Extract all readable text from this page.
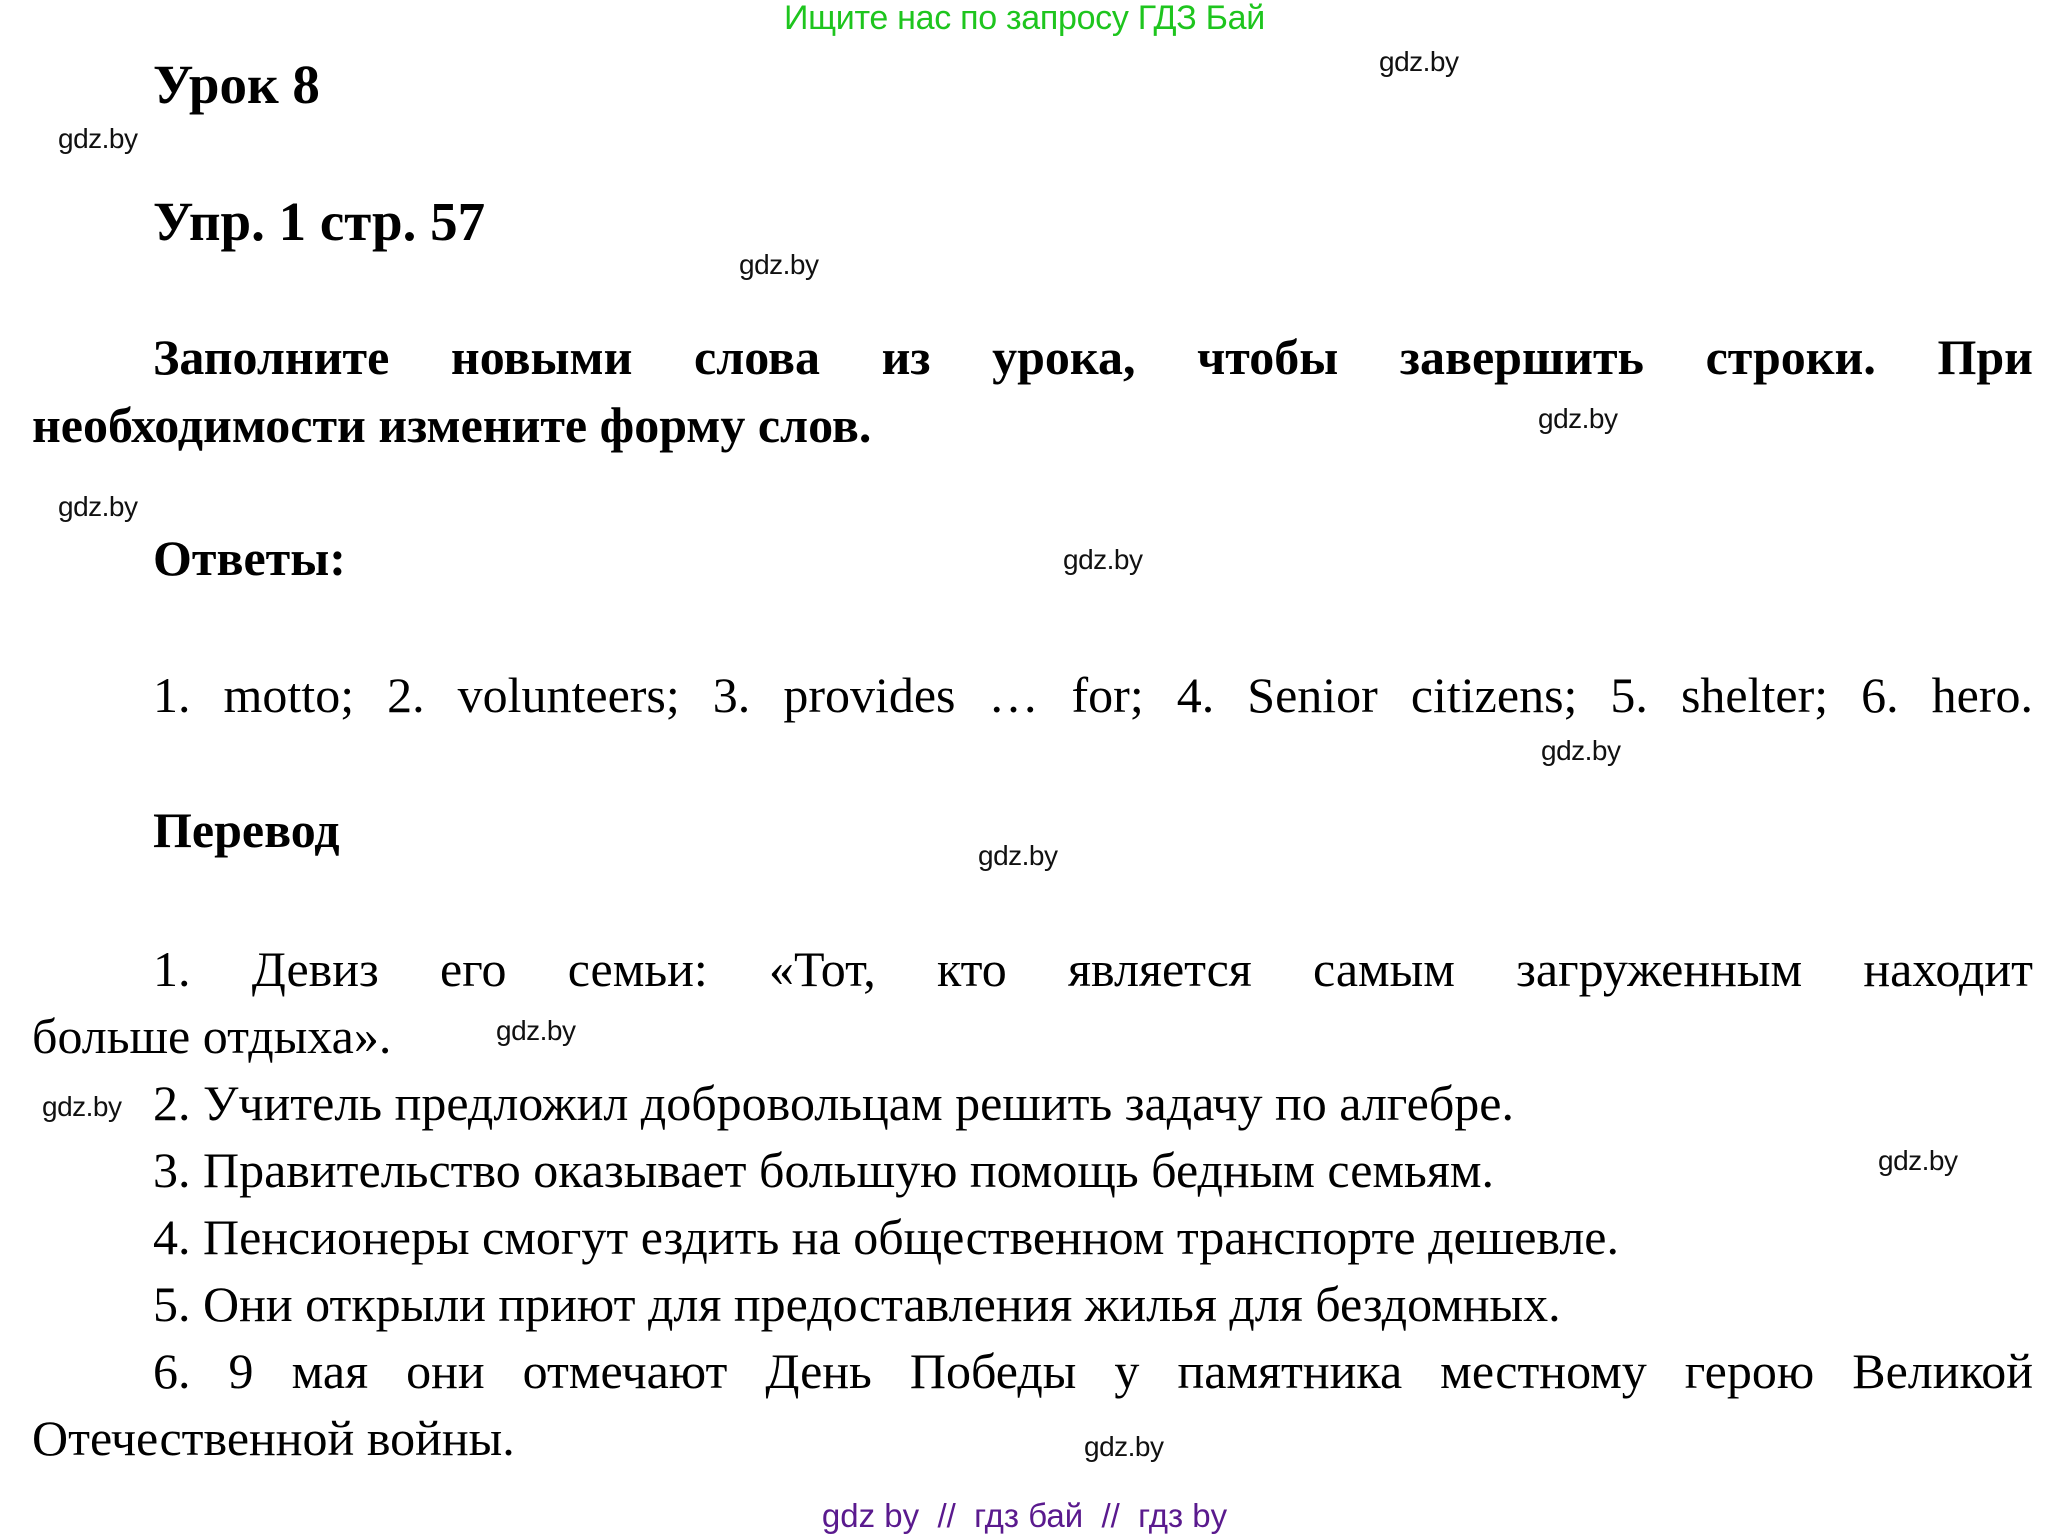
Ищите нас по запросу ГДЗ Бай
gdz.by
gdz.by
gdz.by
gdz.by
gdz.by
gdz.by
gdz.by
gdz.by
gdz.by
gdz.by
gdz.by
gdz.by
Урок 8
Упр. 1 стр. 57
Заполните новыми слова из урока, чтобы завершить строки. При
необходимости измените форму слов.
Ответы:
1. motto; 2. volunteers; 3. provides … for; 4. Senior citizens; 5. shelter; 6. hero.
Перевод
1. Девиз его семьи: «Тот, кто является самым загруженным находит
больше отдыха».
2. Учитель предложил добровольцам решить задачу по алгебре.
3. Правительство оказывает большую помощь бедным семьям.
4. Пенсионеры смогут ездить на общественном транспорте дешевле.
5. Они открыли приют для предоставления жилья для бездомных.
6. 9 мая они отмечают День Победы у памятника местному герою Великой
Отечественной войны.
gdz by  //  гдз бай  //  гдз by
